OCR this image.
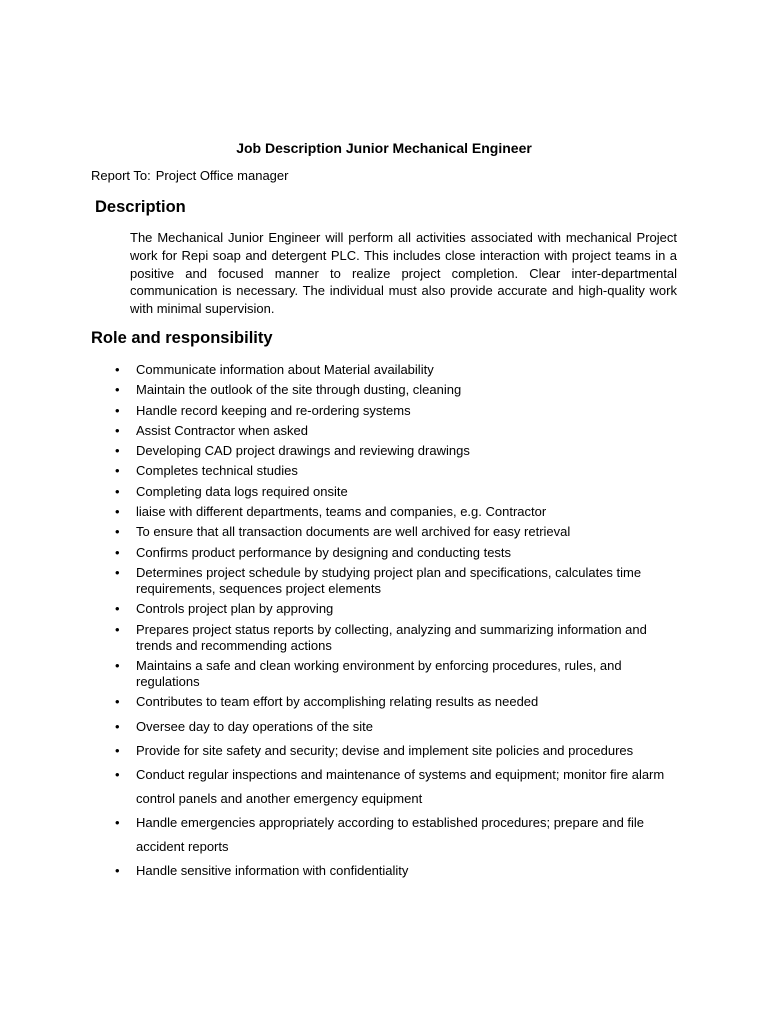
Job Description Junior Mechanical Engineer
Report To: Project Office manager
Description
The Mechanical Junior Engineer will perform all activities associated with mechanical Project work for Repi soap and detergent PLC. This includes close interaction with project teams in a positive and focused manner to realize project completion. Clear inter-departmental communication is necessary. The individual must also provide accurate and high-quality work with minimal supervision.
Role and responsibility
• Communicate information about Material availability
• Maintain the outlook of the site through dusting, cleaning
• Handle record keeping and re-ordering systems
• Assist Contractor when asked
• Developing CAD project drawings and reviewing drawings
• Completes technical studies
• Completing data logs required onsite
• liaise with different departments, teams and companies, e.g. Contractor
• To ensure that all transaction documents are well archived for easy retrieval
• Confirms product performance by designing and conducting tests
• Determines project schedule by studying project plan and specifications, calculates time requirements, sequences project elements
• Controls project plan by approving
• Prepares project status reports by collecting, analyzing and summarizing information and trends and recommending actions
• Maintains a safe and clean working environment by enforcing procedures, rules, and regulations
• Contributes to team effort by accomplishing relating results as needed
• Oversee day to day operations of the site
• Provide for site safety and security; devise and implement site policies and procedures
• Conduct regular inspections and maintenance of systems and equipment; monitor fire alarm control panels and another emergency equipment
• Handle emergencies appropriately according to established procedures; prepare and file accident reports
• Handle sensitive information with confidentiality
